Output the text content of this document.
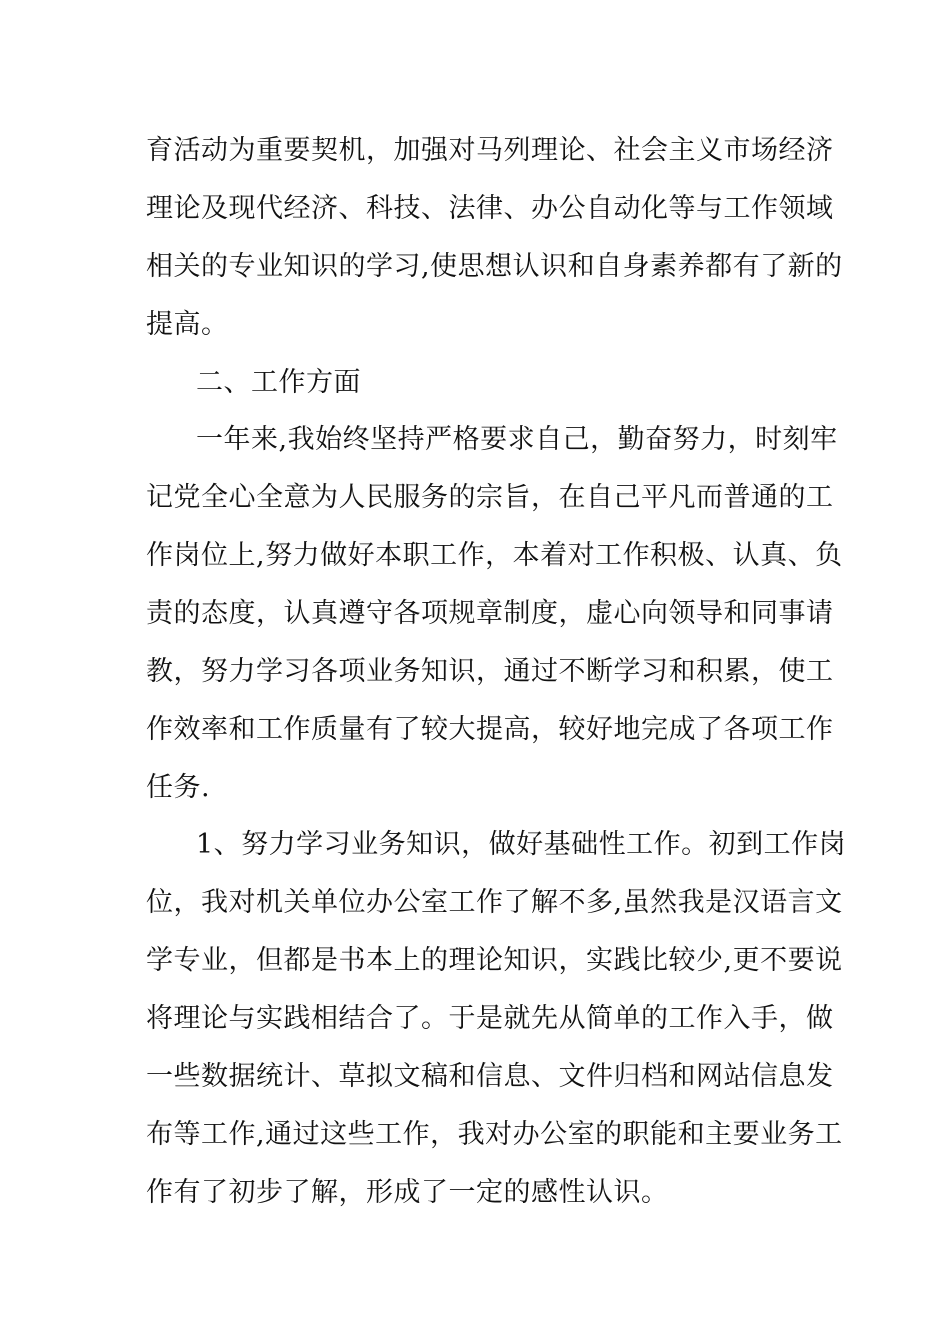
育活动为重要契机，加强对马列理论、社会主义市场经济

理论及现代经济、科技、法律、办公自动化等与工作领域

相关的专业知识的学习,使思想认识和自身素养都有了新的

提高。

二、工作方面

一年来,我始终坚持严格要求自己，勤奋努力，时刻牢

记党全心全意为人民服务的宗旨，在自己平凡而普通的工

作岗位上,努力做好本职工作，本着对工作积极、认真、负

责的态度，认真遵守各项规章制度，虚心向领导和同事请

教，努力学习各项业务知识，通过不断学习和积累，使工

作效率和工作质量有了较大提高，较好地完成了各项工作

任务.

1、努力学习业务知识，做好基础性工作。初到工作岗

位，我对机关单位办公室工作了解不多,虽然我是汉语言文

学专业，但都是书本上的理论知识，实践比较少,更不要说

将理论与实践相结合了。于是就先从简单的工作入手，做

一些数据统计、草拟文稿和信息、文件归档和网站信息发

布等工作,通过这些工作，我对办公室的职能和主要业务工

作有了初步了解，形成了一定的感性认识。
